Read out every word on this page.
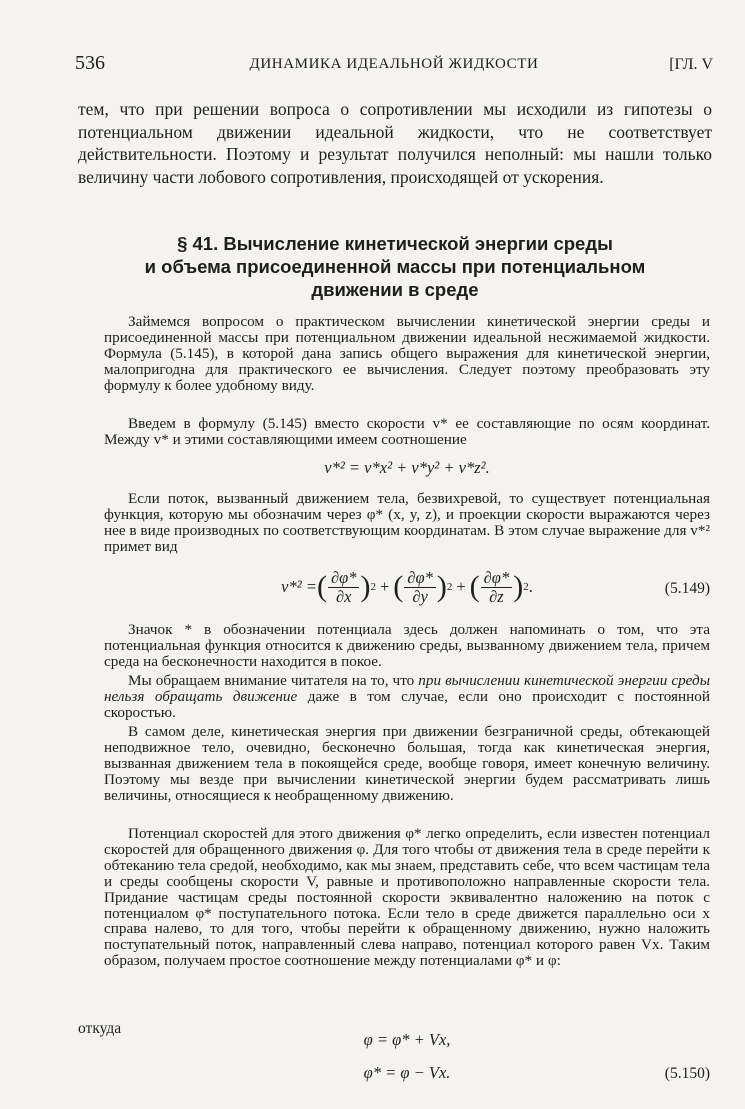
536	ДИНАМИКА ИДЕАЛЬНОЙ ЖИДКОСТИ	[ГЛ. V

тем, что при решении вопроса о сопротивлении мы исходили из гипотезы о потенциальном движении идеальной жидкости, что не соответствует действительности. Поэтому и результат получился неполный: мы нашли только величину части лобового сопротивления, происходящей от ускорения.

§ 41. Вычисление кинетической энергии среды
и объема присоединенной массы при потенциальном
движении в среде

Займемся вопросом о практическом вычислении кинетической энергии среды и присоединенной массы при потенциальном движении идеальной несжимаемой жидкости. Формула (5.145), в которой дана запись общего выражения для кинетической энергии, малопригодна для практического ее вычисления. Следует поэтому преобразовать эту формулу к более удобному виду.

Введем в формулу (5.145) вместо скорости v* ее составляющие по осям координат. Между v* и этими составляющими имеем соотношение

v*² = v*x² + v*y² + v*z².

Если поток, вызванный движением тела, безвихревой, то существует потенциальная функция, которую мы обозначим через φ* (x, y, z), и проекции скорости выражаются через нее в виде производных по соответствующим координатам. В этом случае выражение для v*² примет вид

v*² = ( $\frac{\partial\varphi*}{\partial x}$ ) 2 + ( $\frac{\partial\varphi*}{\partial y}$ ) 2 + ( $\frac{\partial\varphi*}{\partial z}$ ) 2 .	(5.149)

Значок * в обозначении потенциала здесь должен напоминать о том, что эта потенциальная функция относится к движению среды, вызванному движением тела, причем среда на бесконечности находится в покое.

Мы обращаем внимание читателя на то, что при вычислении кинетической энергии среды нельзя обращать движение даже в том случае, если оно происходит с постоянной скоростью.

В самом деле, кинетическая энергия при движении безграничной среды, обтекающей неподвижное тело, очевидно, бесконечно большая, тогда как кинетическая энергия, вызванная движением тела в покоящейся среде, вообще говоря, имеет конечную величину. Поэтому мы везде при вычислении кинетической энергии будем рассматривать лишь величины, относящиеся к необращенному движению.

Потенциал скоростей для этого движения φ* легко определить, если известен потенциал скоростей для обращенного движения φ. Для того чтобы от движения тела в среде перейти к обтеканию тела средой, необходимо, как мы знаем, представить себе, что всем частицам тела и среды сообщены скорости V, равные и противоположно направленные скорости тела. Придание частицам среды постоянной скорости эквивалентно наложению на поток с потенциалом φ* поступательного потока. Если тело в среде движется параллельно оси x справа налево, то для того, чтобы перейти к обращенному движению, нужно наложить поступательный поток, направленный слева направо, потенциал которого равен Vx. Таким образом, получаем простое соотношение между потенциалами φ* и φ:

φ = φ* + Vx,
откуда
φ* = φ − Vx.	(5.150)
